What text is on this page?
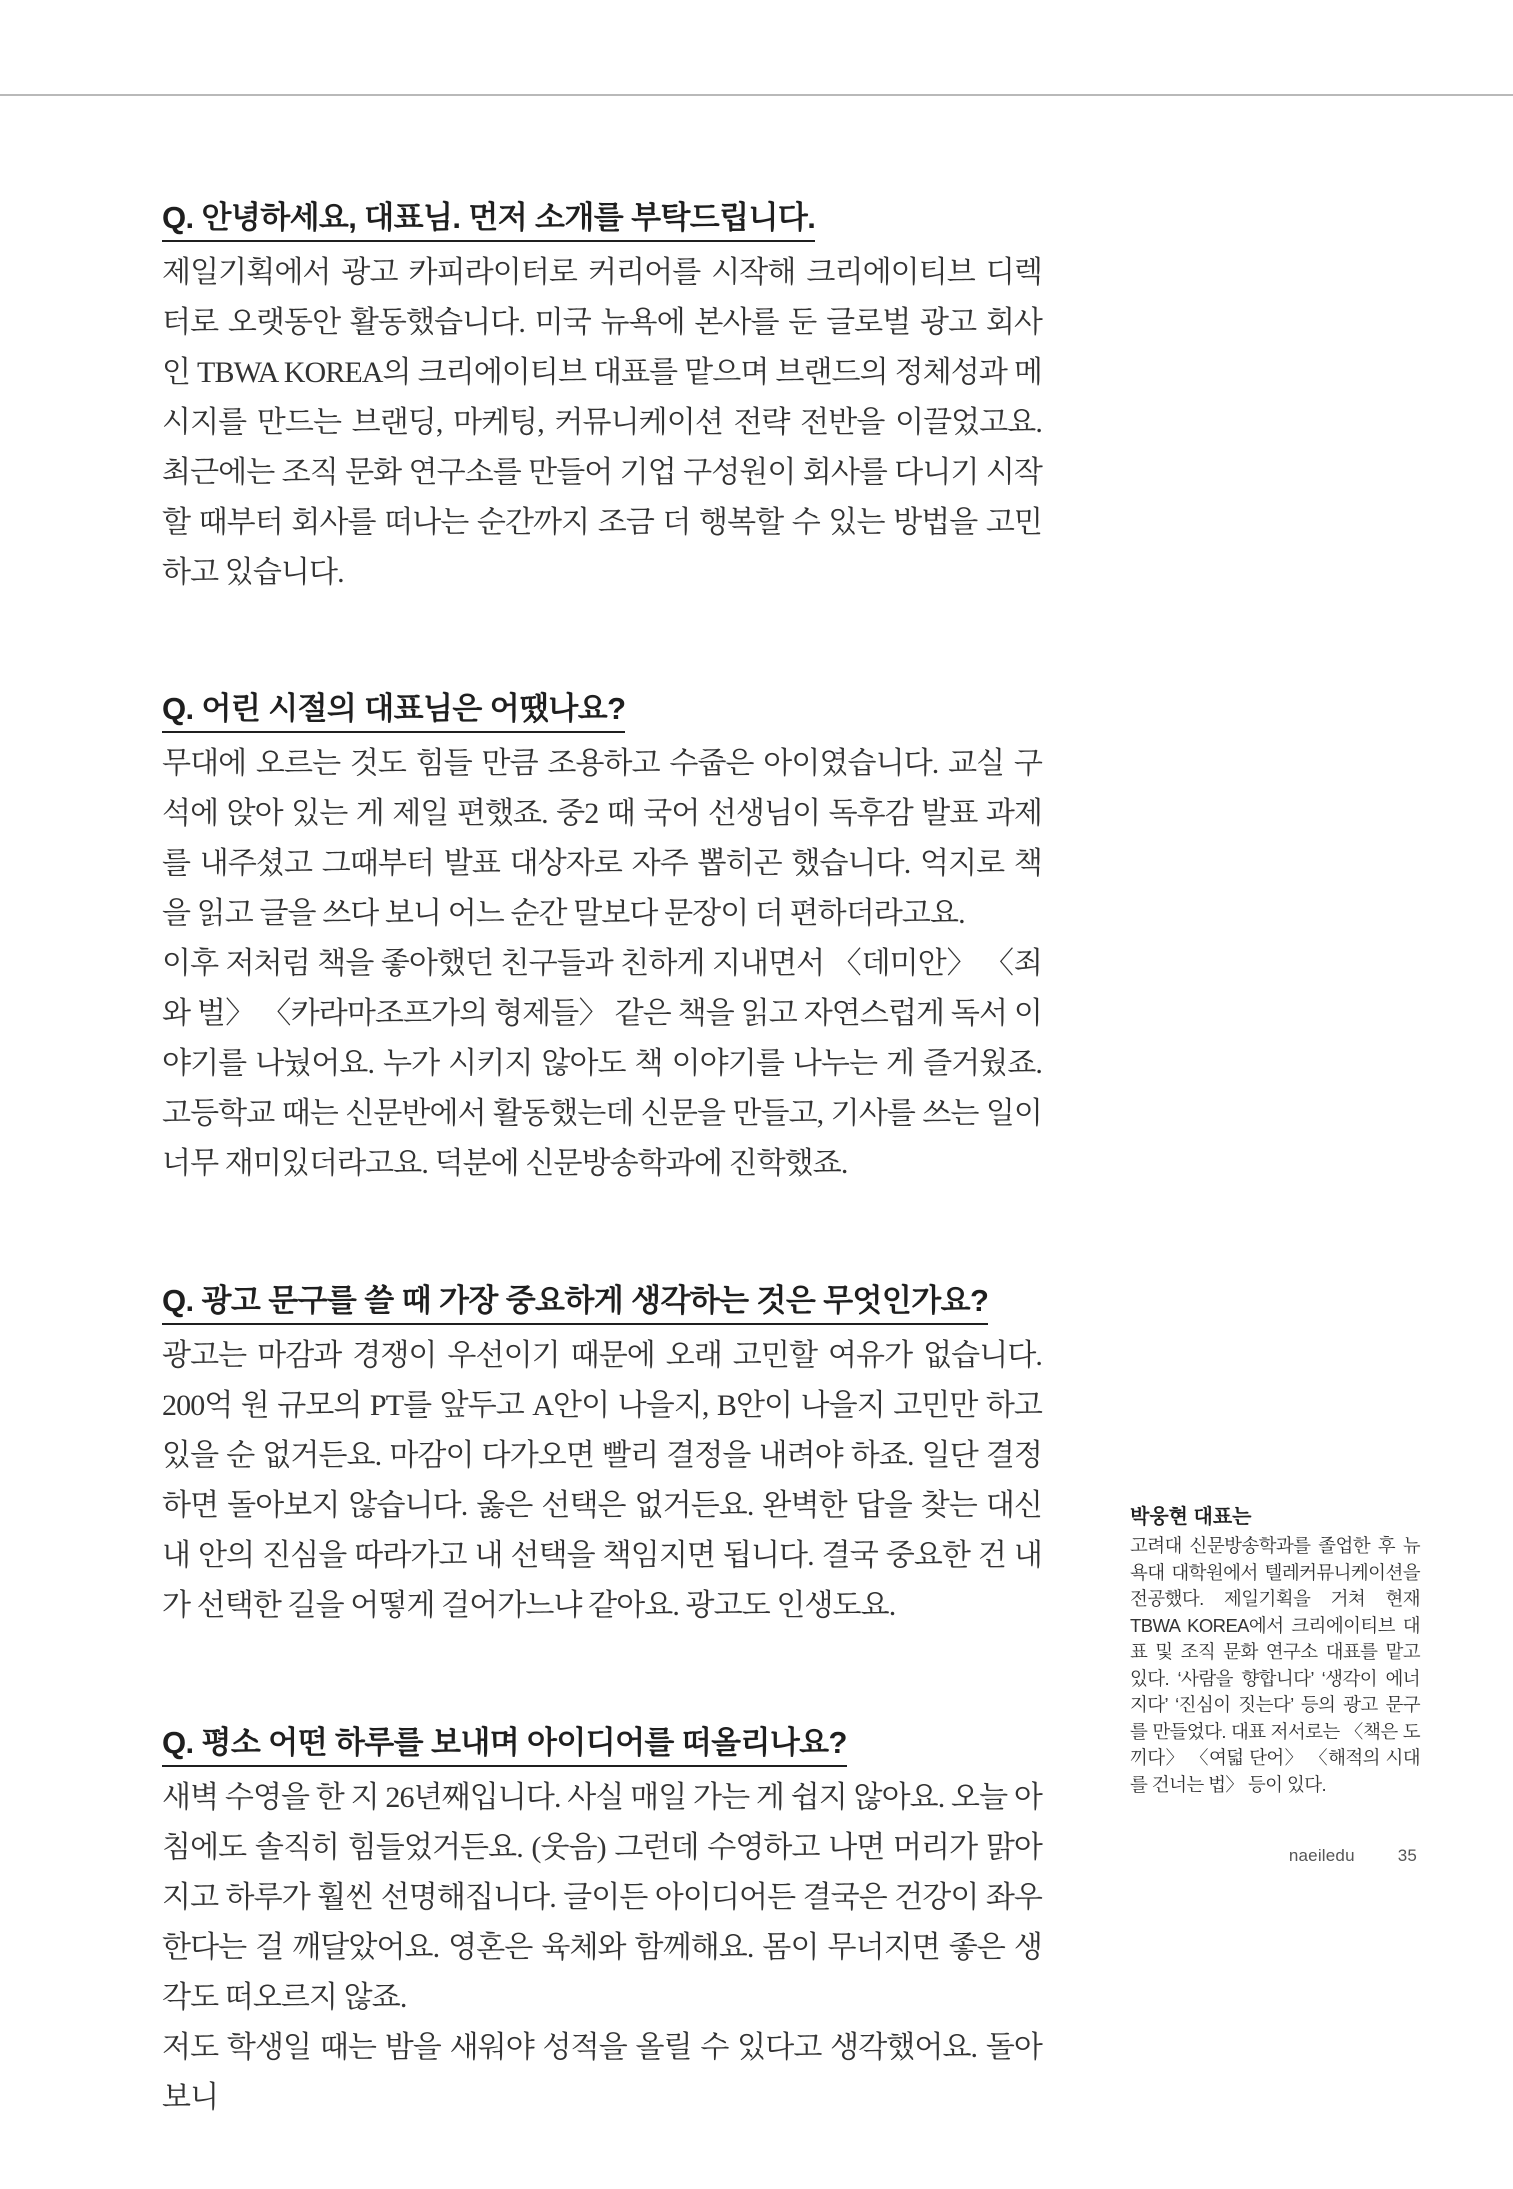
Q. 안녕하세요, 대표님. 먼저 소개를 부탁드립니다.

제일기획에서 광고 카피라이터로 커리어를 시작해 크리에이티브 디렉터로 오랫동안 활동했습니다. 미국 뉴욕에 본사를 둔 글로벌 광고 회사인 TBWA KOREA의 크리에이티브 대표를 맡으며 브랜드의 정체성과 메시지를 만드는 브랜딩, 마케팅, 커뮤니케이션 전략 전반을 이끌었고요. 최근에는 조직 문화 연구소를 만들어 기업 구성원이 회사를 다니기 시작할 때부터 회사를 떠나는 순간까지 조금 더 행복할 수 있는 방법을 고민하고 있습니다.

Q. 어린 시절의 대표님은 어땠나요?

무대에 오르는 것도 힘들 만큼 조용하고 수줍은 아이였습니다. 교실 구석에 앉아 있는 게 제일 편했죠. 중2 때 국어 선생님이 독후감 발표 과제를 내주셨고 그때부터 발표 대상자로 자주 뽑히곤 했습니다. 억지로 책을 읽고 글을 쓰다 보니 어느 순간 말보다 문장이 더 편하더라고요.

이후 저처럼 책을 좋아했던 친구들과 친하게 지내면서 〈데미안〉 〈죄와 벌〉 〈카라마조프가의 형제들〉 같은 책을 읽고 자연스럽게 독서 이야기를 나눴어요. 누가 시키지 않아도 책 이야기를 나누는 게 즐거웠죠. 고등학교 때는 신문반에서 활동했는데 신문을 만들고, 기사를 쓰는 일이 너무 재미있더라고요. 덕분에 신문방송학과에 진학했죠.

Q. 광고 문구를 쓸 때 가장 중요하게 생각하는 것은 무엇인가요?

광고는 마감과 경쟁이 우선이기 때문에 오래 고민할 여유가 없습니다. 200억 원 규모의 PT를 앞두고 A안이 나을지, B안이 나을지 고민만 하고 있을 순 없거든요. 마감이 다가오면 빨리 결정을 내려야 하죠. 일단 결정하면 돌아보지 않습니다. 옳은 선택은 없거든요. 완벽한 답을 찾는 대신 내 안의 진심을 따라가고 내 선택을 책임지면 됩니다. 결국 중요한 건 내가 선택한 길을 어떻게 걸어가느냐 같아요. 광고도 인생도요.

Q. 평소 어떤 하루를 보내며 아이디어를 떠올리나요?

새벽 수영을 한 지 26년째입니다. 사실 매일 가는 게 쉽지 않아요. 오늘 아침에도 솔직히 힘들었거든요. (웃음) 그런데 수영하고 나면 머리가 맑아지고 하루가 훨씬 선명해집니다. 글이든 아이디어든 결국은 건강이 좌우한다는 걸 깨달았어요. 영혼은 육체와 함께해요. 몸이 무너지면 좋은 생각도 떠오르지 않죠.

저도 학생일 때는 밤을 새워야 성적을 올릴 수 있다고 생각했어요. 돌아보니

박웅현 대표는

고려대 신문방송학과를 졸업한 후 뉴욕대 대학원에서 텔레커뮤니케이션을 전공했다. 제일기획을 거쳐 현재 TBWA KOREA에서 크리에이티브 대표 및 조직 문화 연구소 대표를 맡고 있다. ‘사람을 향합니다’ ‘생각이 에너지다’ ‘진심이 짓는다’ 등의 광고 문구를 만들었다. 대표 저서로는 〈책은 도끼다〉 〈여덟 단어〉 〈해적의 시대를 건너는 법〉 등이 있다.

naeiledu	35
